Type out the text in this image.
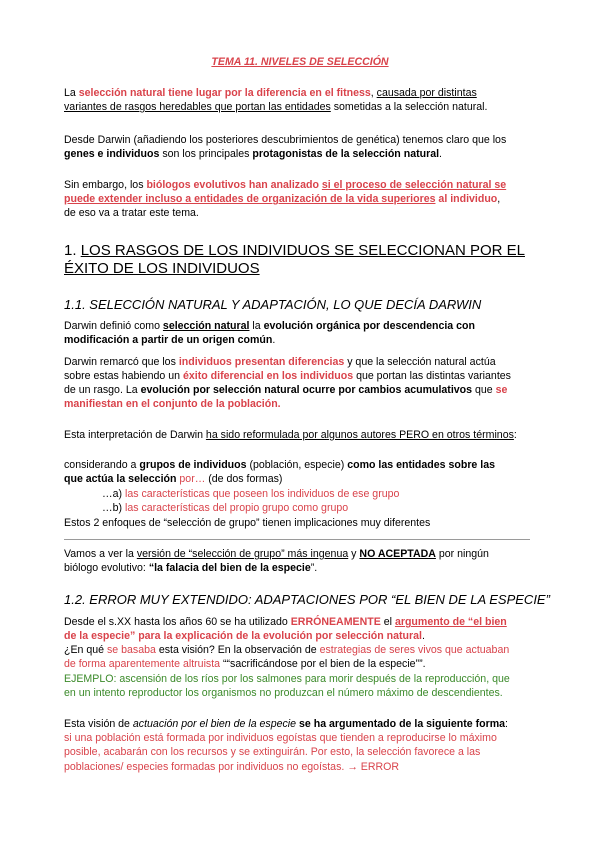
TEMA 11. NIVELES DE SELECCIÓN
La selección natural tiene lugar por la diferencia en el fitness, causada por distintas
variantes de rasgos heredables que portan las entidades sometidas a la selección natural.
Desde Darwin (añadiendo los posteriores descubrimientos de genética) tenemos claro que los
genes e individuos son los principales protagonistas de la selección natural.
Sin embargo, los biólogos evolutivos han analizado si el proceso de selección natural se
puede extender incluso a entidades de organización de la vida superiores al individuo,
de eso va a tratar este tema.
1. LOS RASGOS DE LOS INDIVIDUOS SE SELECCIONAN POR EL
ÉXITO DE LOS INDIVIDUOS
1.1. SELECCIÓN NATURAL Y ADAPTACIÓN, LO QUE DECÍA DARWIN
Darwin definió como selección natural la evolución orgánica por descendencia con
modificación a partir de un origen común.
Darwin remarcó que los individuos presentan diferencias y que la selección natural actúa
sobre estas habiendo un éxito diferencial en los individuos que portan las distintas variantes
de un rasgo. La evolución por selección natural ocurre por cambios acumulativos que se
manifiestan en el conjunto de la población.
Esta interpretación de Darwin ha sido reformulada por algunos autores PERO en otros términos:
considerando a grupos de individuos (población, especie) como las entidades sobre las
que actúa la selección por… (de dos formas)
…a) las características que poseen los individuos de ese grupo
…b) las características del propio grupo como grupo
Estos 2 enfoques de “selección de grupo” tienen implicaciones muy diferentes
Vamos a ver la versión de “selección de grupo” más ingenua y NO ACEPTADA por ningún
biólogo evolutivo: “la falacia del bien de la especie”.
1.2. ERROR MUY EXTENDIDO: ADAPTACIONES POR “EL BIEN DE LA ESPECIE”
Desde el s.XX hasta los años 60 se ha utilizado ERRÓNEAMENTE el argumento de “el bien
de la especie” para la explicación de la evolución por selección natural.
¿En qué se basaba esta visión? En la observación de estrategias de seres vivos que actuaban
de forma aparentemente altruista ““sacrificándose por el bien de la especie””.
EJEMPLO: ascensión de los ríos por los salmones para morir después de la reproducción, que
en un intento reproductor los organismos no produzcan el número máximo de descendientes.
Esta visión de actuación por el bien de la especie se ha argumentado de la siguiente forma:
si una población está formada por individuos egoístas que tienden a reproducirse lo máximo
posible, acabarán con los recursos y se extinguirán. Por esto, la selección favorece a las
poblaciones/ especies formadas por individuos no egoístas. → ERROR
